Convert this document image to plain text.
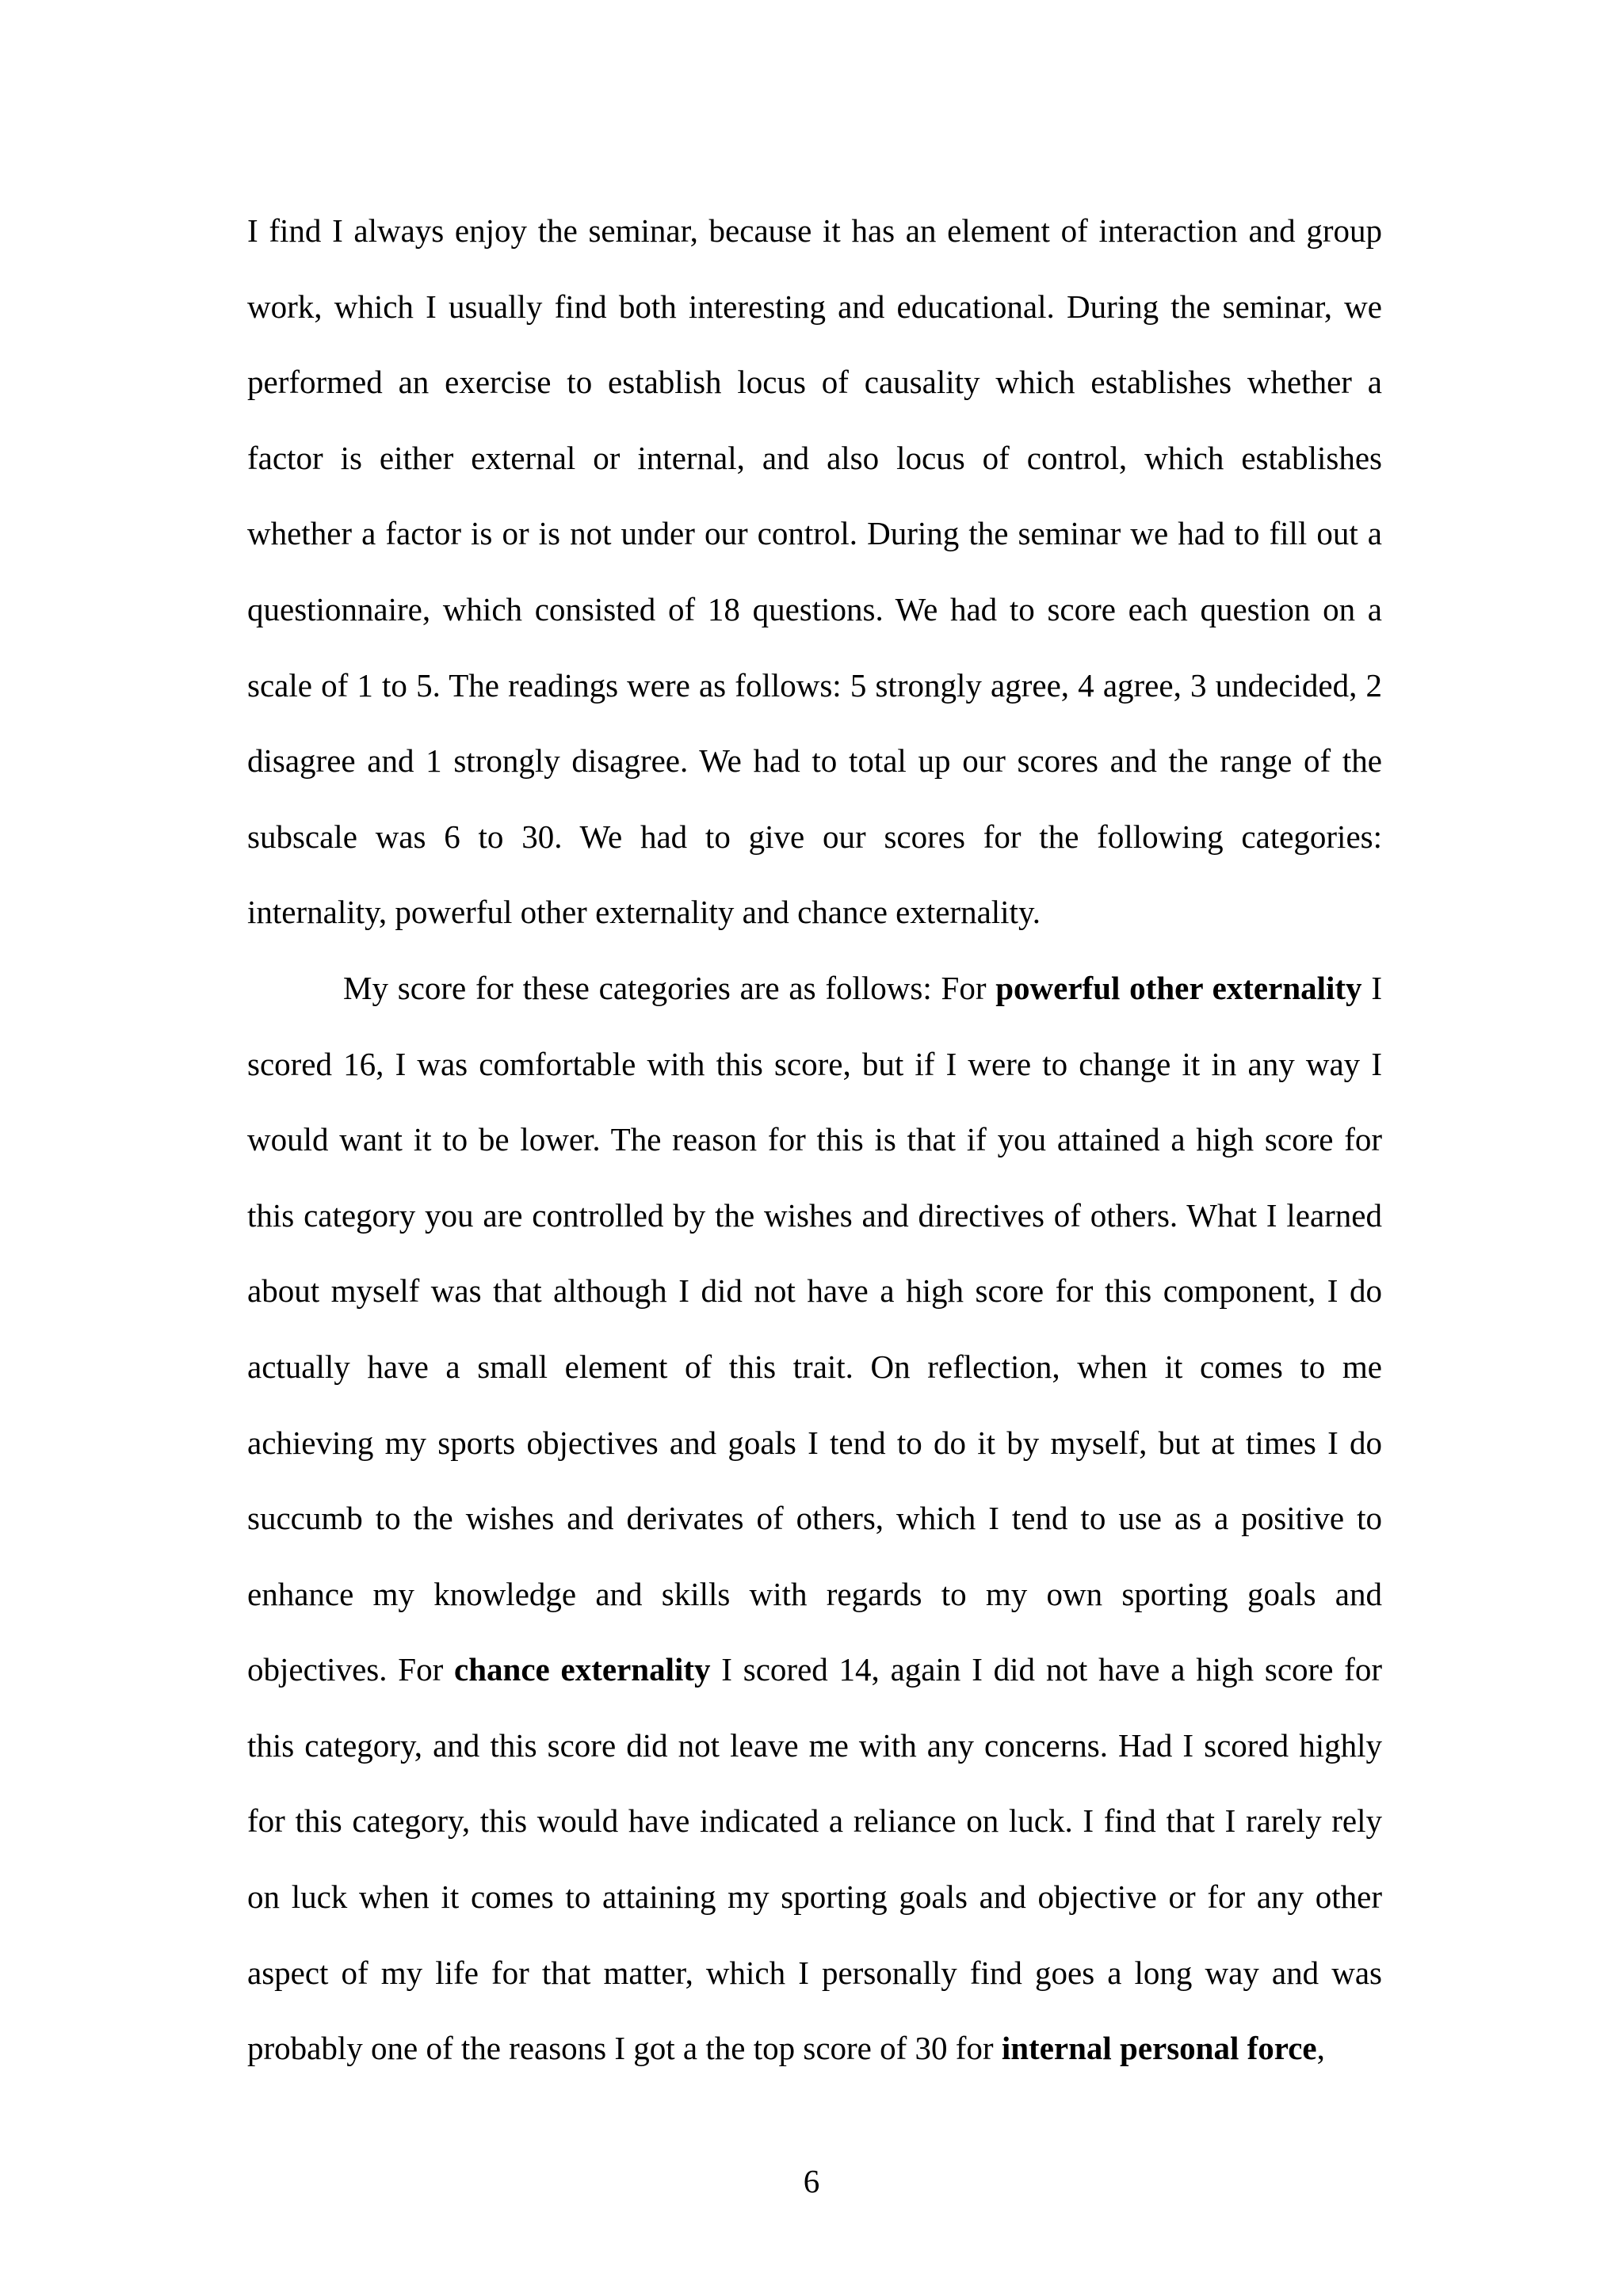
I find I always enjoy the seminar, because it has an element of interaction and group work, which I usually find both interesting and educational. During the seminar, we performed an exercise to establish locus of causality which establishes whether a factor is either external or internal, and also locus of control, which establishes whether a factor is or is not under our control. During the seminar we had to fill out a questionnaire, which consisted of 18 questions. We had to score each question on a scale of 1 to 5. The readings were as follows: 5 strongly agree, 4 agree, 3 undecided, 2 disagree and 1 strongly disagree. We had to total up our scores and the range of the subscale was 6 to 30. We had to give our scores for the following categories: internality, powerful other externality and chance externality.

My score for these categories are as follows: For powerful other externality I scored 16, I was comfortable with this score, but if I were to change it in any way I would want it to be lower. The reason for this is that if you attained a high score for this category you are controlled by the wishes and directives of others. What I learned about myself was that although I did not have a high score for this component, I do actually have a small element of this trait. On reflection, when it comes to me achieving my sports objectives and goals I tend to do it by myself, but at times I do succumb to the wishes and derivates of others, which I tend to use as a positive to enhance my knowledge and skills with regards to my own sporting goals and objectives. For chance externality I scored 14, again I did not have a high score for this category, and this score did not leave me with any concerns. Had I scored highly for this category, this would have indicated a reliance on luck. I find that I rarely rely on luck when it comes to attaining my sporting goals and objective or for any other aspect of my life for that matter, which I personally find goes a long way and was probably one of the reasons I got a the top score of 30 for internal personal force,

6
